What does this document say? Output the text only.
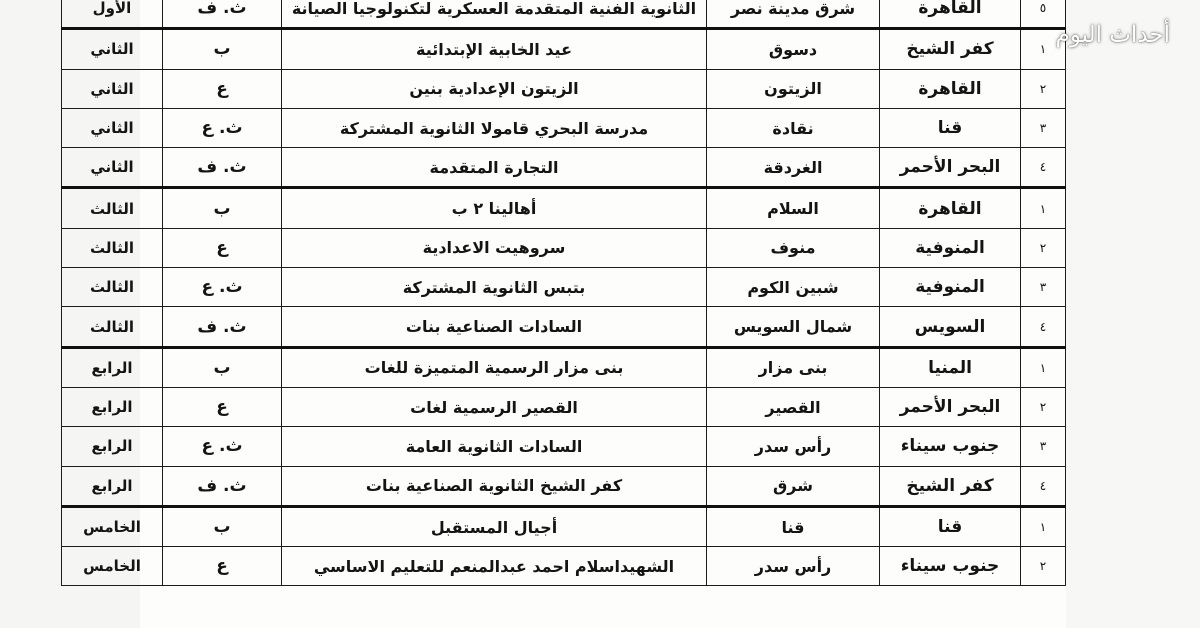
٥	القاهرة	شرق مدينة نصر	الثانوية الفنية المتقدمة العسكرية لتكنولوجيا الصيانة	ث. ف	الأول
١	كفر الشيخ	دسوق	عيد الخابية الإبتدائية	ب	الثاني
٢	القاهرة	الزيتون	الزيتون الإعدادية بنين	ع	الثاني
٣	قنا	نقادة	مدرسة البحري قامولا الثانوية المشتركة	ث. ع	الثاني
٤	البحر الأحمر	الغردقة	التجارة المتقدمة	ث. ف	الثاني
١	القاهرة	السلام	أهالينا ٢ ب	ب	الثالث
٢	المنوفية	منوف	سروهيت الاعدادية	ع	الثالث
٣	المنوفية	شبين الكوم	بتبس الثانوية المشتركة	ث. ع	الثالث
٤	السويس	شمال السويس	السادات الصناعية بنات	ث. ف	الثالث
١	المنيا	بنى مزار	بنى مزار الرسمية المتميزة للغات	ب	الرابع
٢	البحر الأحمر	القصير	القصير الرسمية لغات	ع	الرابع
٣	جنوب سيناء	رأس سدر	السادات الثانوية العامة	ث. ع	الرابع
٤	كفر الشيخ	شرق	كفر الشيخ الثانوية الصناعية بنات	ث. ف	الرابع
١	قنا	قنا	أجيال المستقبل	ب	الخامس
٢	جنوب سيناء	رأس سدر	الشهيداسلام احمد عبدالمنعم للتعليم الاساسي	ع	الخامس
أحداث اليوم
